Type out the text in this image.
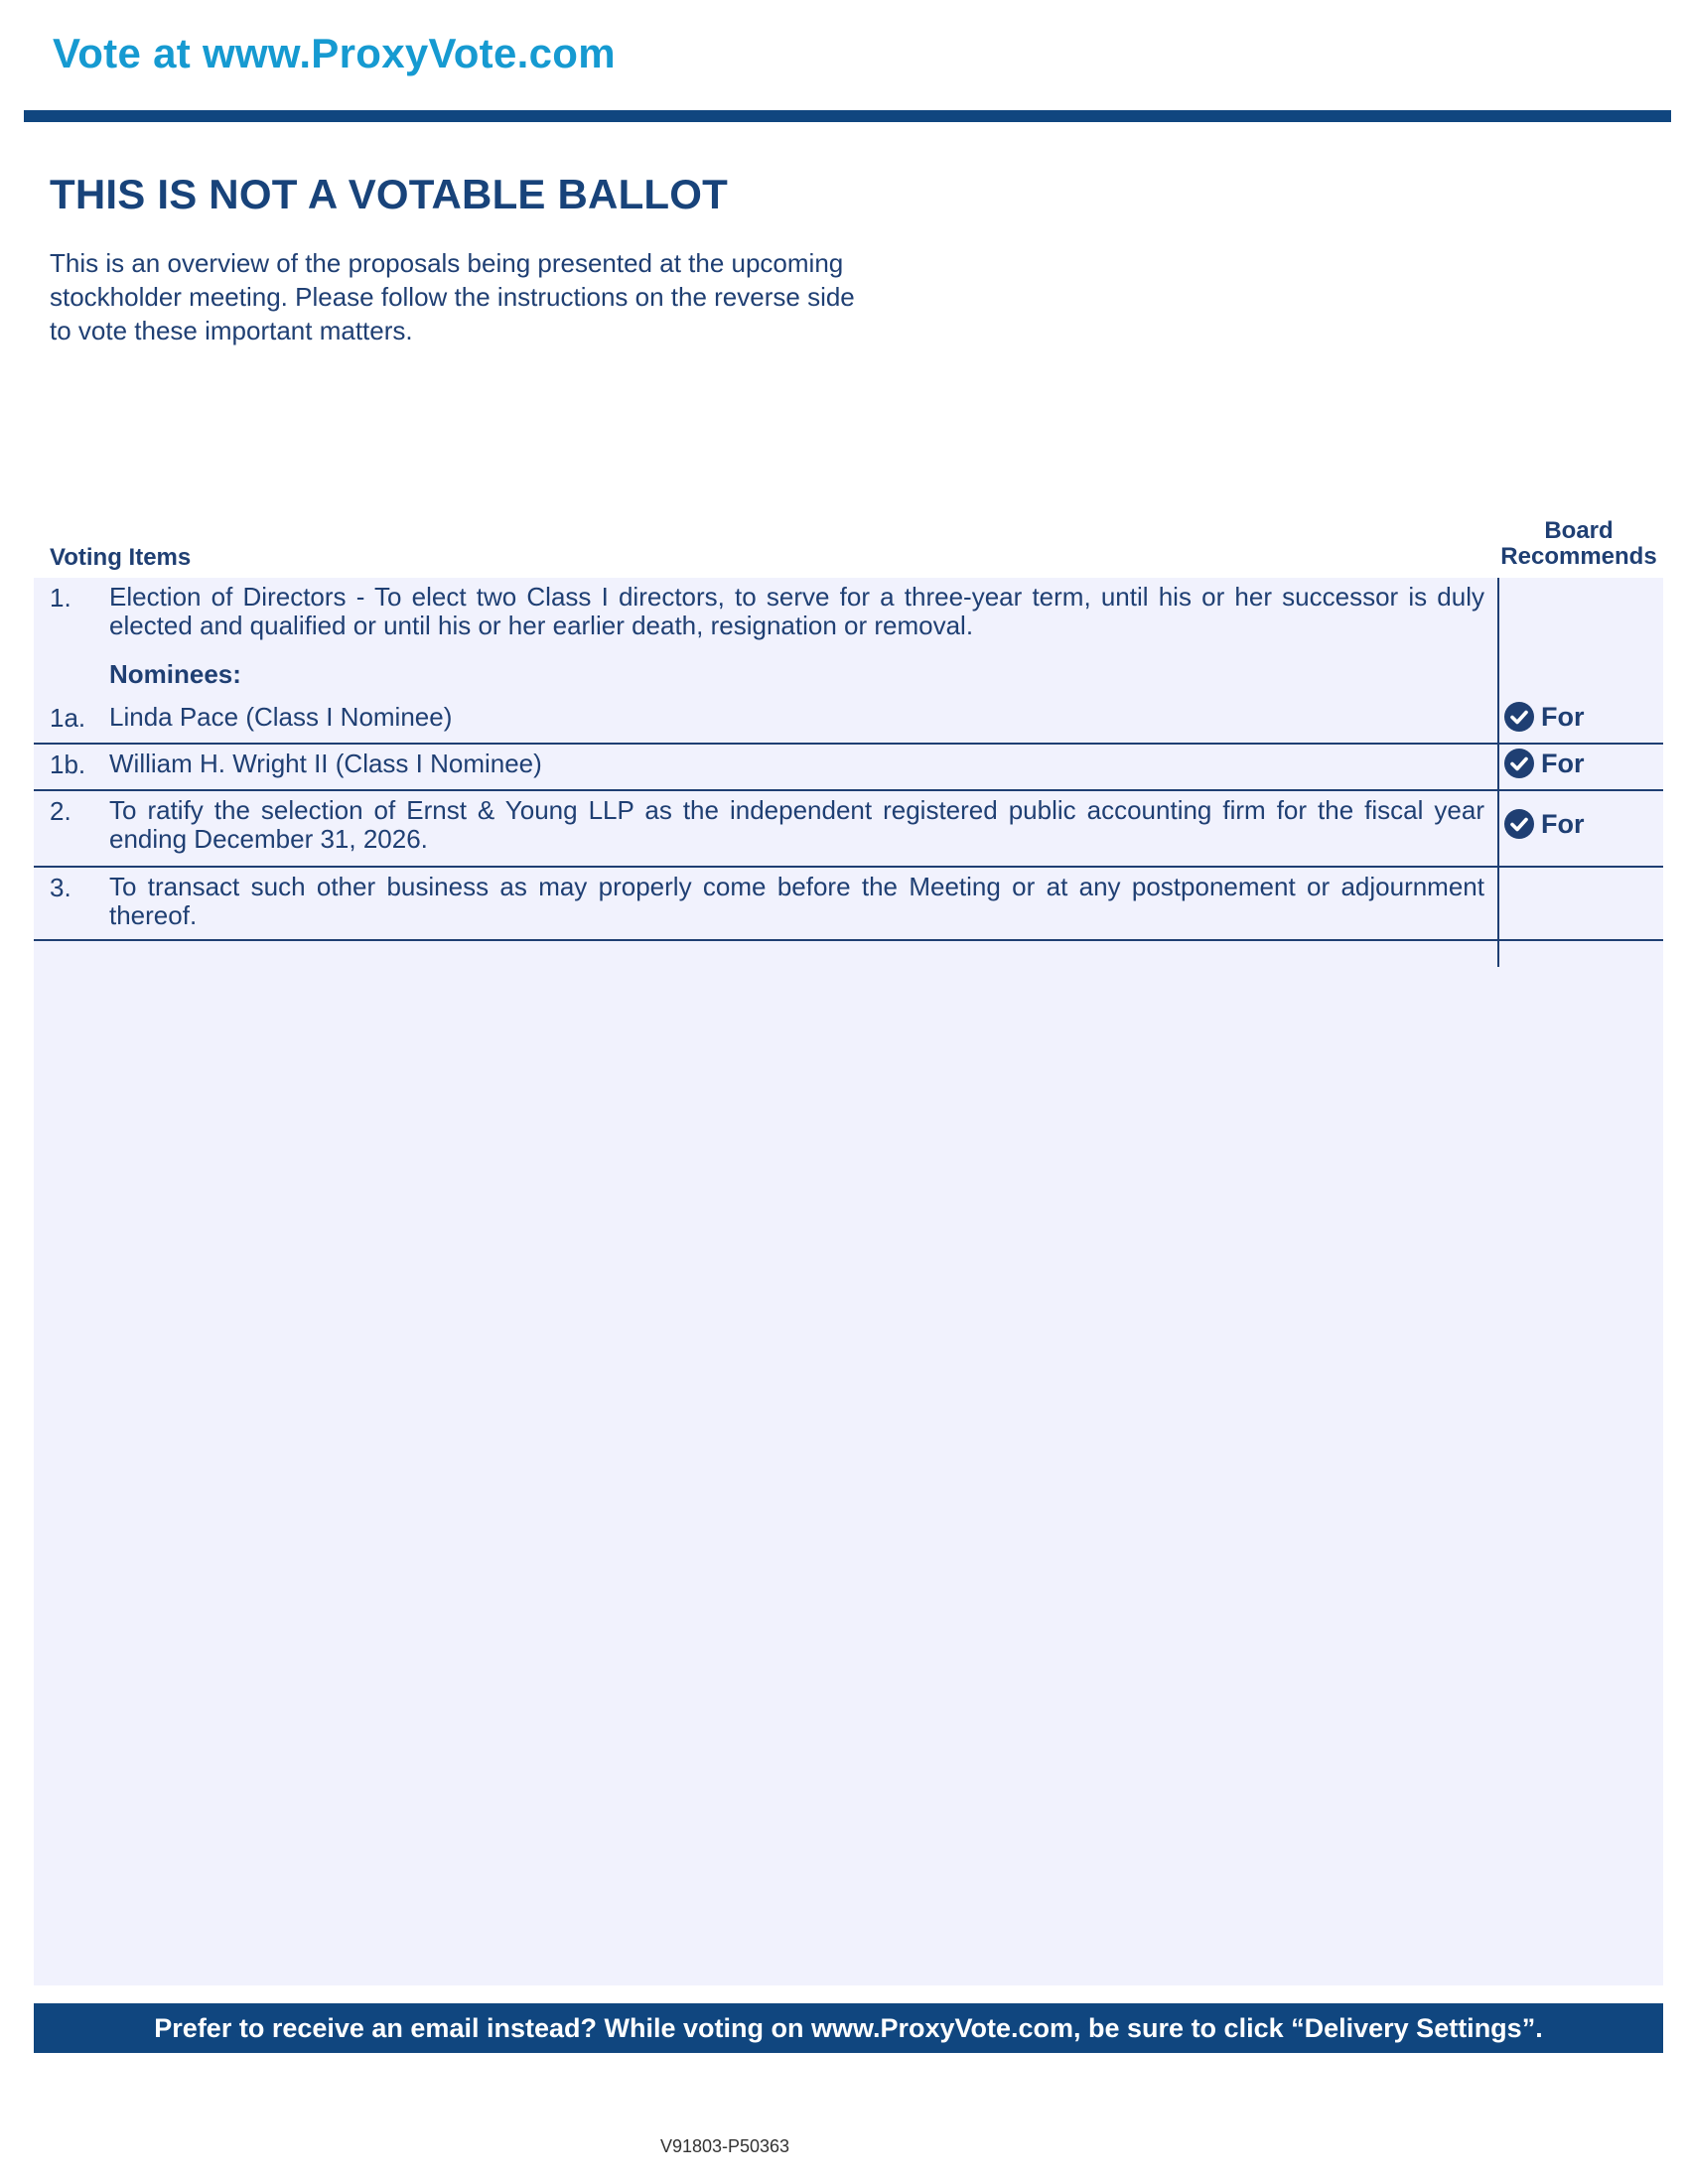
Vote at www.ProxyVote.com
THIS IS NOT A VOTABLE BALLOT
This is an overview of the proposals being presented at the upcoming stockholder meeting. Please follow the instructions on the reverse side to vote these important matters.
Voting Items
Board
Recommends
1. Election of Directors - To elect two Class I directors, to serve for a three-year term, until his or her successor is duly elected and qualified or until his or her earlier death, resignation or removal.
Nominees:
1a. Linda Pace (Class I Nominee)	For
1b. William H. Wright II (Class I Nominee)	For
2. To ratify the selection of Ernst & Young LLP as the independent registered public accounting firm for the fiscal year ending December 31, 2026.
For
3. To transact such other business as may properly come before the Meeting or at any postponement or adjournment thereof.
Prefer to receive an email instead? While voting on www.ProxyVote.com, be sure to click “Delivery Settings”.
V91803-P50363
